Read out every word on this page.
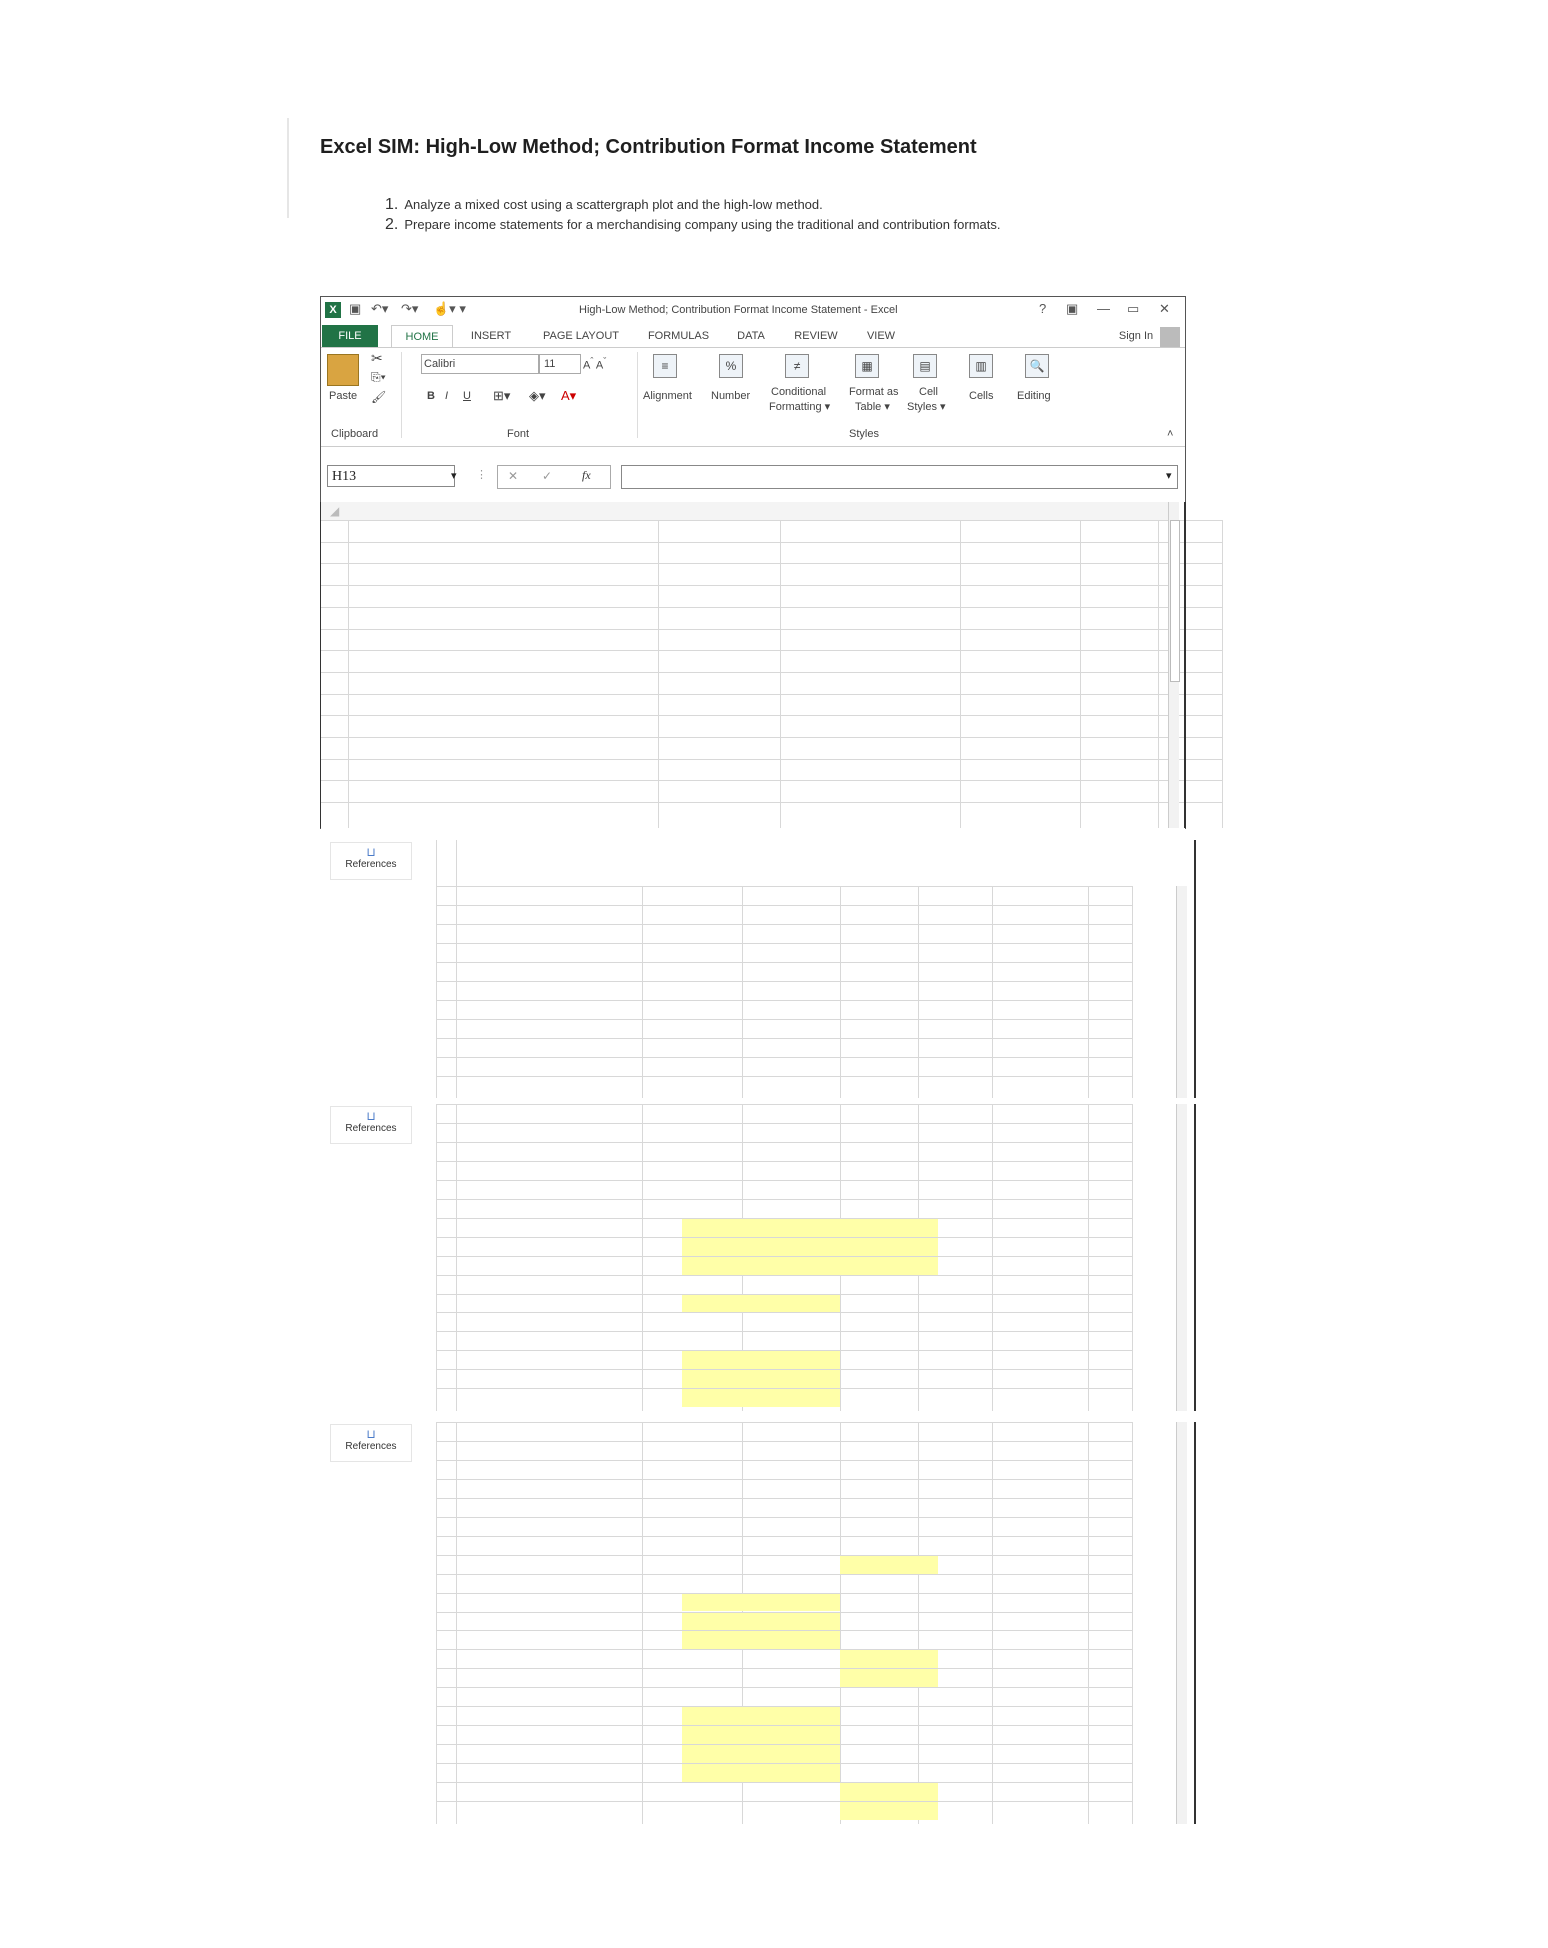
Excel SIM: High-Low Method; Contribution Format Income Statement
1. Analyze a mixed cost using a scattergraph plot and the high-low method.
2. Prepare income statements for a merchandising company using the traditional and contribution formats.
X ▣ ↶▾ ↷▾ ☝▾ ▾	High-Low Method; Contribution Format Income Statement - Excel	? ▣ — ▭ ✕
FILE	HOME	INSERT	PAGE LAYOUT	FORMULAS	DATA	REVIEW	VIEW	Sign In
Paste
✂
⎘▾
🖌
Clipboard
Calibri	11	$A^ˆ$ $A^ˇ$
B I U ⊞▾ ◈▾ A▾
Font
≡
Alignment
%
Number
≠
Conditional
Formatting ▾
▦
Format as
Table ▾
▤
Cell
Styles ▾
Styles
▥
Cells
🔍
Editing
˄
H13	▾ ⋮ ✕ ✓ fx	▾
◢
⊔
References
⊔
References
⊔
References
